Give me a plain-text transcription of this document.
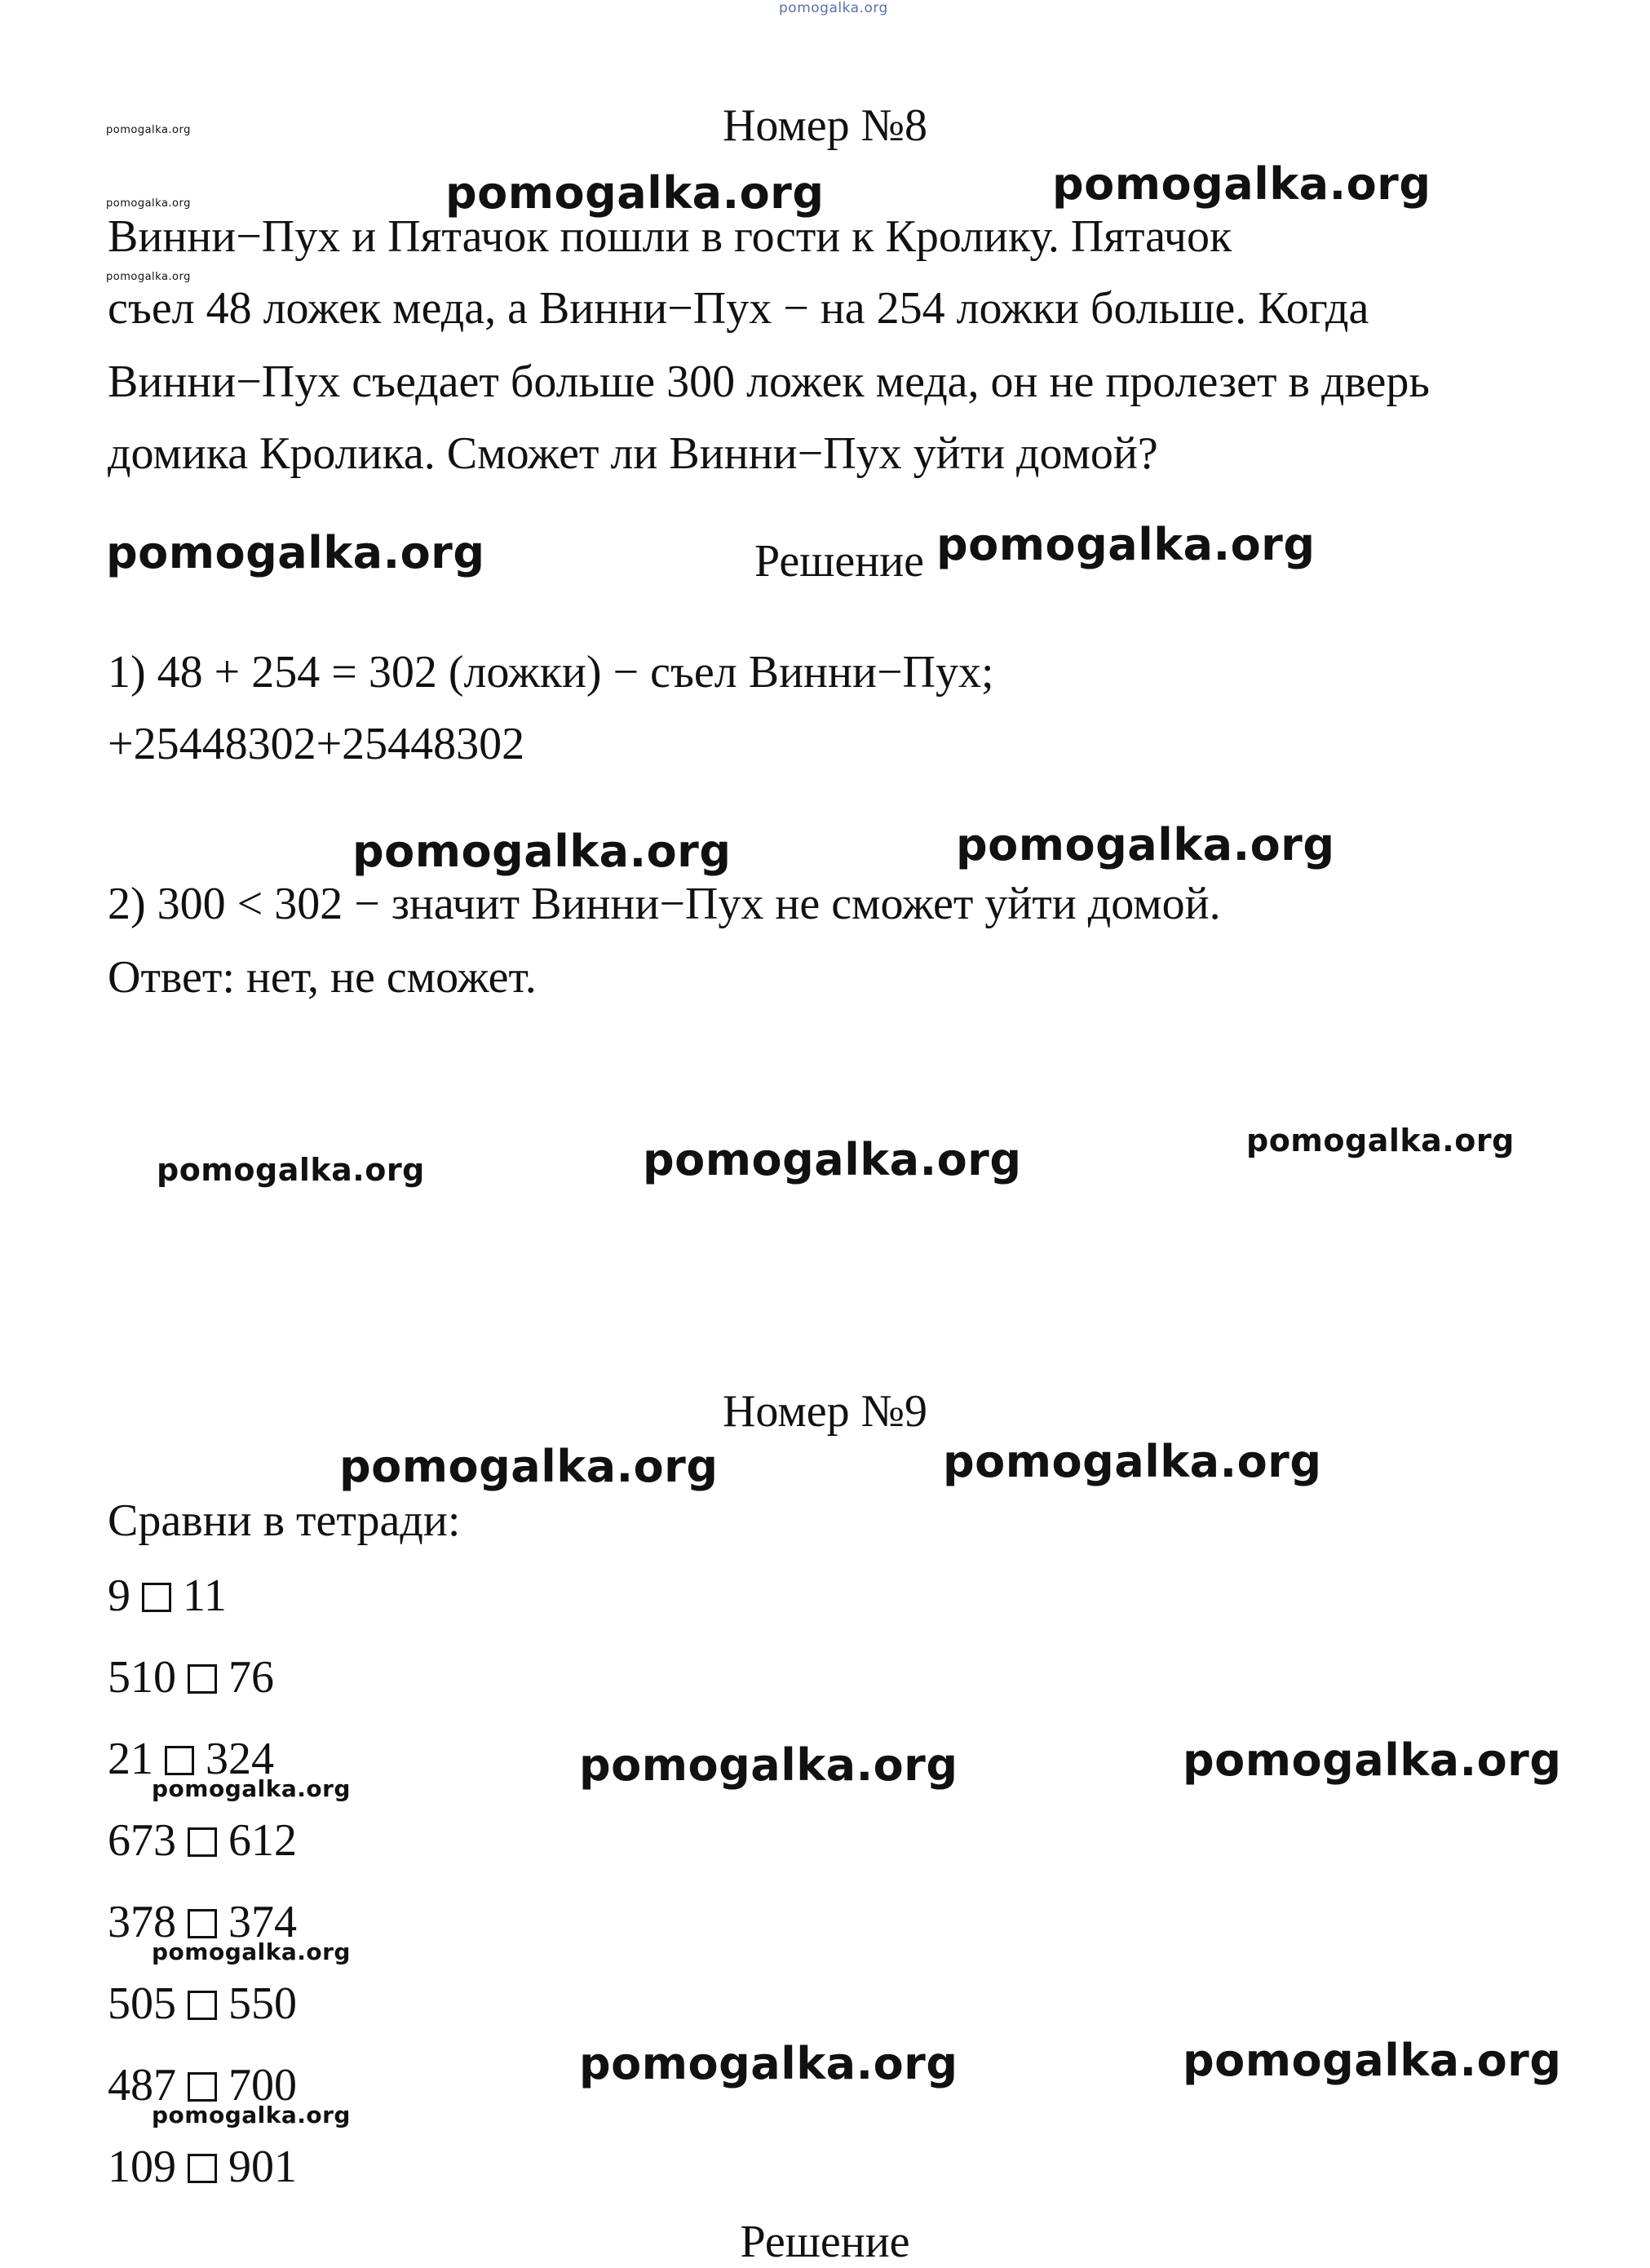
pomogalka.org
Номер №8
pomogalka.org
pomogalka.org
pomogalka.org
Винни−Пух и Пятачок пошли в гости к Кролику. Пятачок
съел 48 ложек меда, а Винни−Пух − на 254 ложки больше. Когда
Винни−Пух съедает больше 300 ложек меда, он не пролезет в дверь
домика Кролика. Сможет ли Винни−Пух уйти домой?
pomogalka.org	pomogalka.org
pomogalka.org	Решение pomogalka.org
1) 48 + 254 = 302 (ложки) − съел Винни−Пух;
+25448302+25448302
pomogalka.org	pomogalka.org
2) 300 < 302 − значит Винни−Пух не сможет уйти домой.
Ответ: нет, не сможет.
pomogalka.org	pomogalka.org	pomogalka.org
Номер №9
pomogalka.org	pomogalka.org
Сравни в тетради:
9 11
510 76
21 324
673 612
378 374
505 550
487 700
109 901
pomogalka.org
pomogalka.org
pomogalka.org
pomogalka.org	pomogalka.org
pomogalka.org	pomogalka.org
Решение
